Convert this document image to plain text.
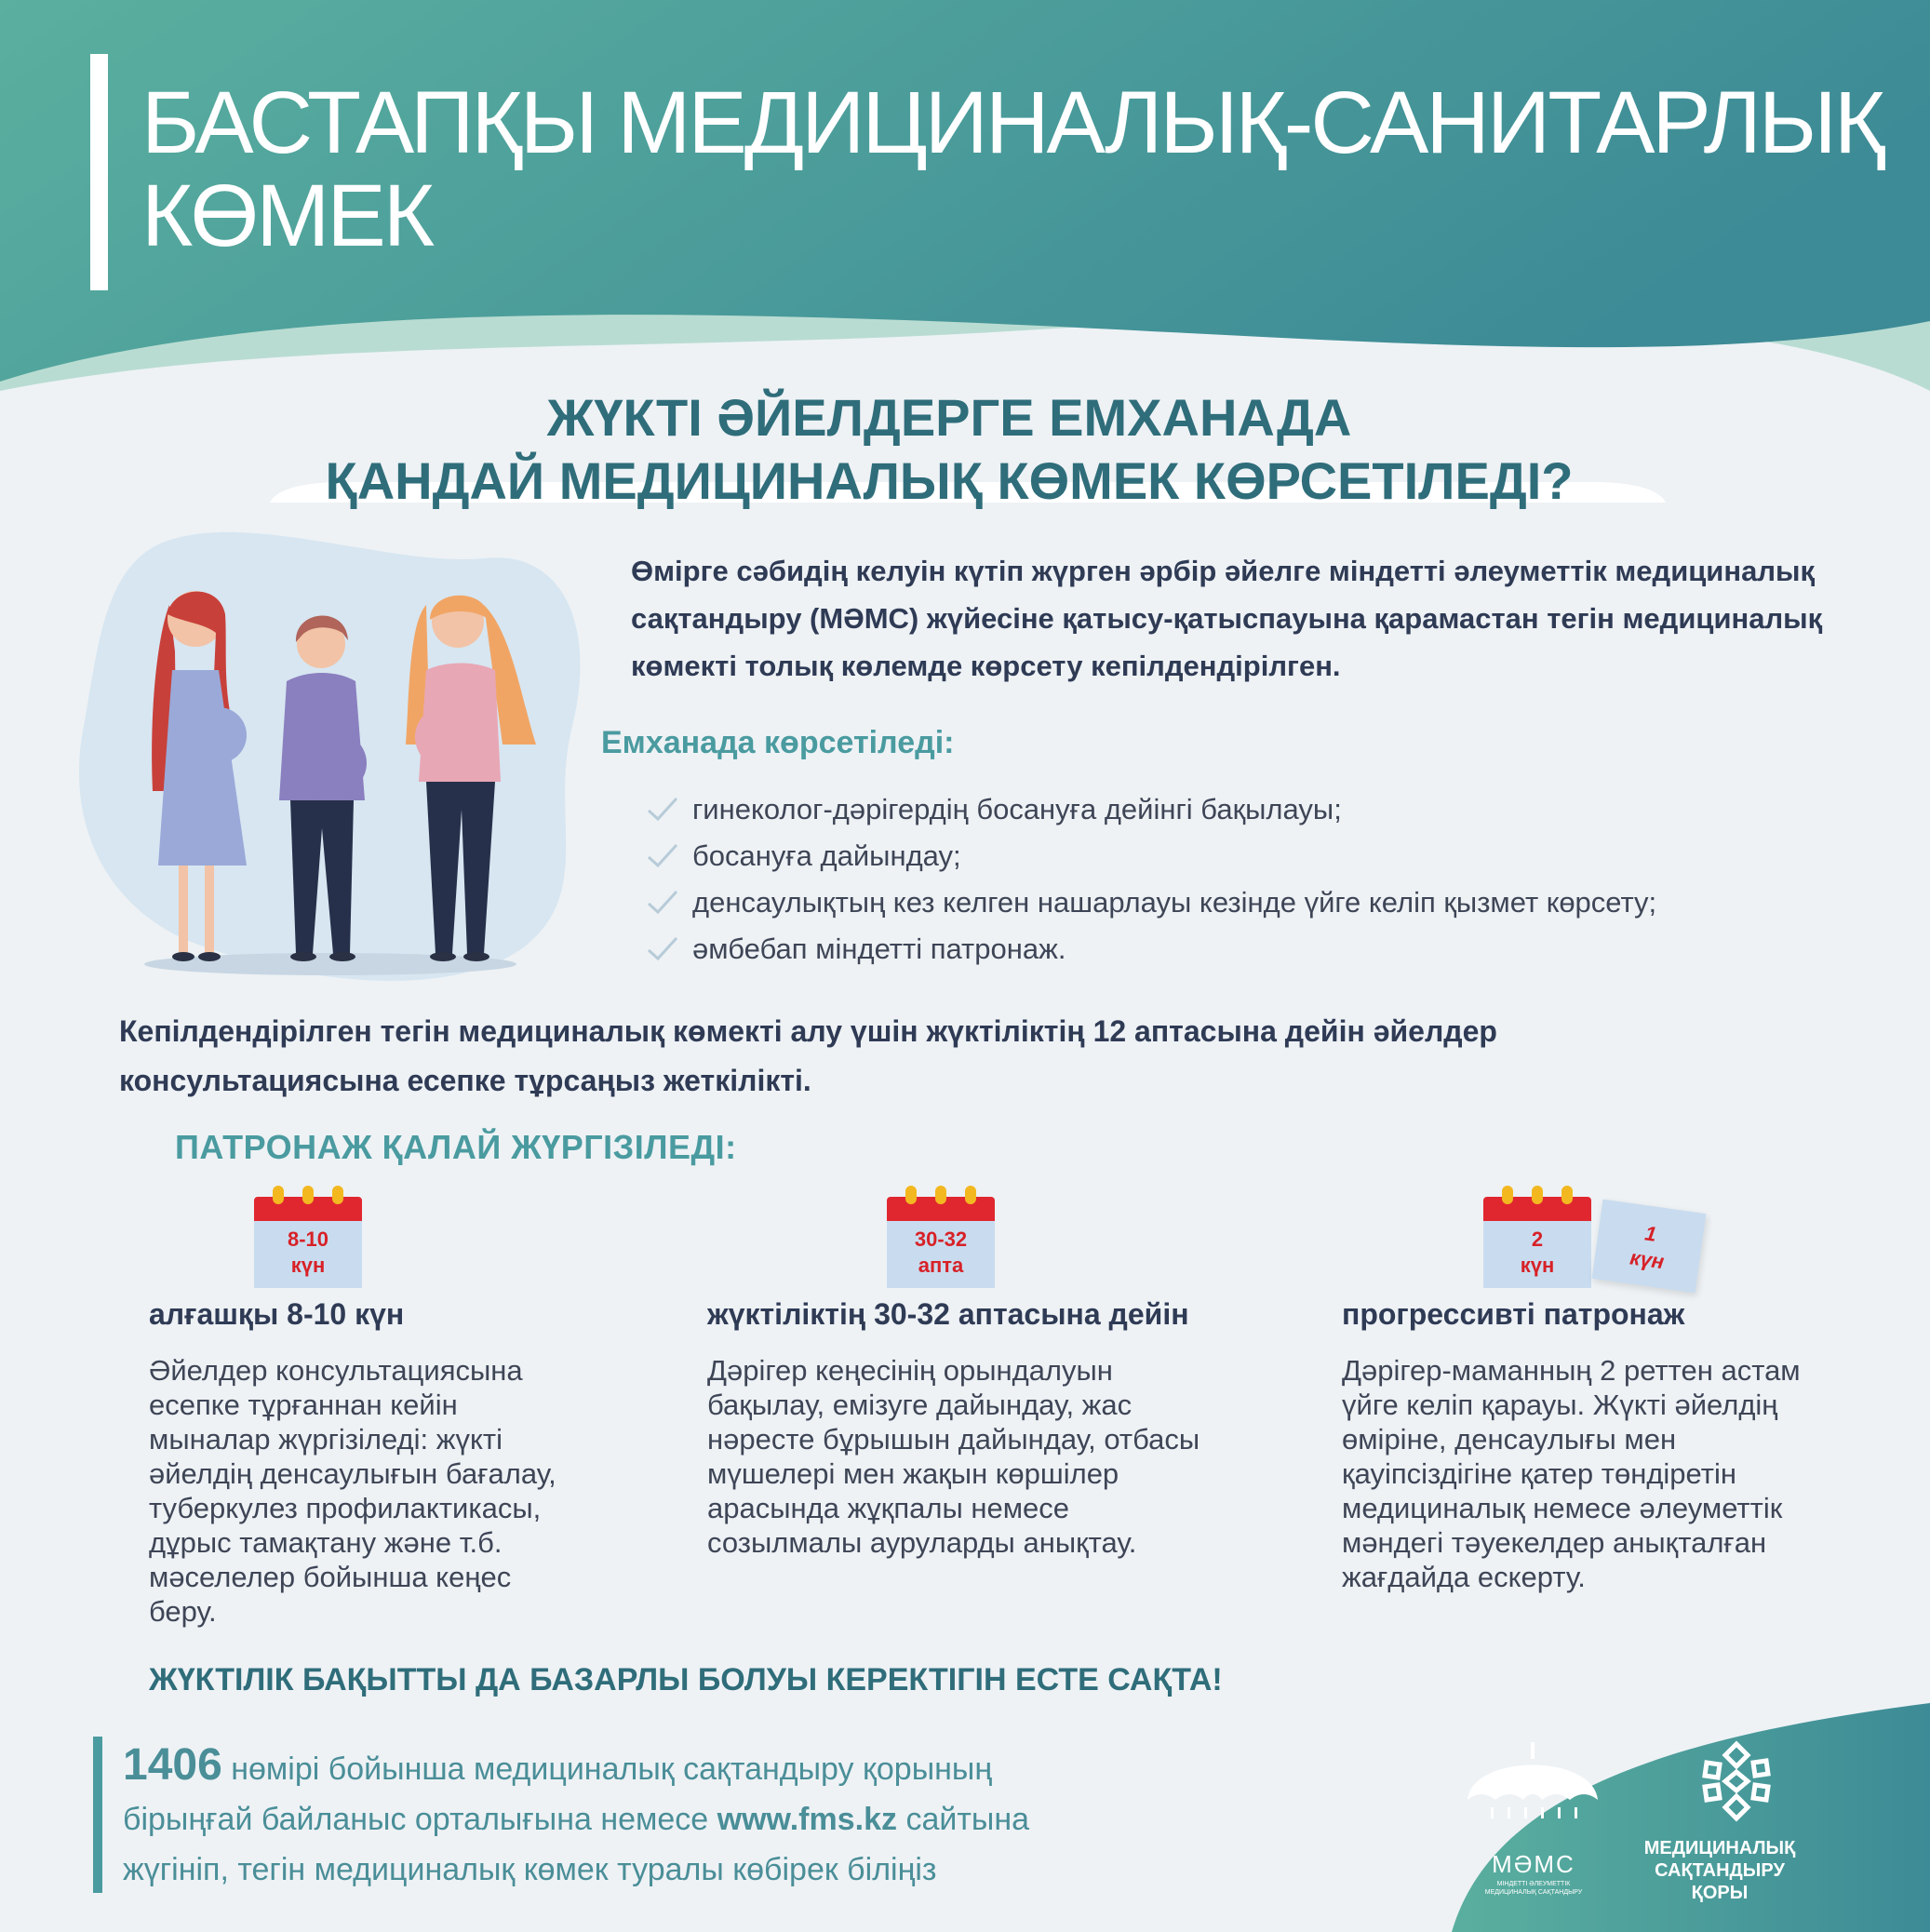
БАСТАПҚЫ МЕДИЦИНАЛЫҚ-САНИТАРЛЫҚ
КӨМЕК
ЖҮКТІ ӘЙЕЛДЕРГЕ ЕМХАНАДА
ҚАНДАЙ МЕДИЦИНАЛЫҚ КӨМЕК КӨРСЕТІЛЕДІ?
Өмірге сәбидің келуін күтіп жүрген әрбір әйелге міндетті әлеуметтік медициналық
сақтандыру (МӘМС) жүйесіне қатысу-қатыспауына қарамастан тегін медициналық
көмекті толық көлемде көрсету кепілдендірілген.
Емханада көрсетіледі:
гинеколог-дәрігердің босануға дейінгі бақылауы;
босануға дайындау;
денсаулықтың кез келген нашарлауы кезінде үйге келіп қызмет көрсету;
әмбебап міндетті патронаж.
Кепілдендірілген тегін медициналық көмекті алу үшін жүктіліктің 12 аптасына дейін әйелдер
консультациясына есепке тұрсаңыз жеткілікті.
ПАТРОНАЖ ҚАЛАЙ ЖҮРГІЗІЛЕДІ:
8-10
күн
алғашқы 8-10 күн
Әйелдер консультациясына
есепке тұрғаннан кейін
мыналар жүргізіледі: жүкті
әйелдің денсаулығын бағалау,
туберкулез профилактикасы,
дұрыс тамақтану және т.б.
мәселелер бойынша кеңес
беру.
30-32
апта
жүктіліктің 30-32 аптасына дейін
Дәрігер кеңесінің орындалуын
бақылау, емізуге дайындау, жас
нәресте бұрышын дайындау, отбасы
мүшелері мен жақын көршілер
арасында жұқпалы немесе
созылмалы ауруларды анықтау.
2
күн
1
күн
прогрессивті патронаж
Дәрігер-маманның 2 реттен астам
үйге келіп қарауы. Жүкті әйелдің
өміріне, денсаулығы мен
қауіпсіздігіне қатер төндіретін
медициналық немесе әлеуметтік
мәндегі тәуекелдер анықталған
жағдайда ескерту.
ЖҮКТІЛІК БАҚЫТТЫ ДА БАЗАРЛЫ БОЛУЫ КЕРЕКТІГІН ЕСТЕ САҚТА!
1406 нөмірі бойынша медициналық сақтандыру қорының
бірыңғай байланыс орталығына немесе www.fms.kz сайтына
жүгініп, тегін медициналық көмек туралы көбірек біліңіз	МӘМС
МІНДЕТТІ ӘЛЕУМЕТТІК МЕДИЦИНАЛЫҚ САҚТАНДЫРУ
МЕДИЦИНАЛЫҚ
САҚТАНДЫРУ
ҚОРЫ
